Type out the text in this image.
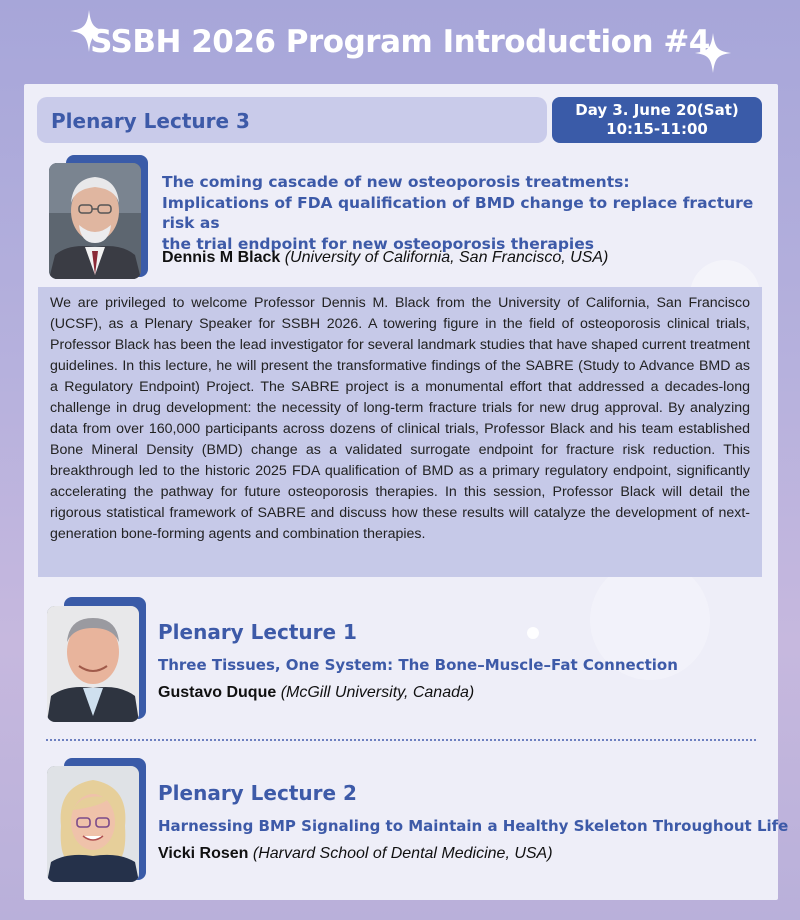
SSBH 2026 Program Introduction #4
Plenary Lecture 3	Day 3. June 20(Sat)
10:15-11:00
The coming cascade of new osteoporosis treatments:
Implications of FDA qualification of BMD change to replace fracture risk as
the trial endpoint for new osteoporosis therapies
Dennis M Black (University of California, San Francisco, USA)
We are privileged to welcome Professor Dennis M. Black from the University of California, San Francisco (UCSF), as a Plenary Speaker for SSBH 2026. A towering figure in the field of osteoporosis clinical trials, Professor Black has been the lead investigator for several landmark studies that have shaped current treatment guidelines. In this lecture, he will present the transformative findings of the SABRE (Study to Advance BMD as a Regulatory Endpoint) Project. The SABRE project is a monumental effort that addressed a decades-long challenge in drug development: the necessity of long-term fracture trials for new drug approval. By analyzing data from over 160,000 participants across dozens of clinical trials, Professor Black and his team established Bone Mineral Density (BMD) change as a validated surrogate endpoint for fracture risk reduction. This breakthrough led to the historic 2025 FDA qualification of BMD as a primary regulatory endpoint, significantly accelerating the pathway for future osteoporosis therapies. In this session, Professor Black will detail the rigorous statistical framework of SABRE and discuss how these results will catalyze the development of next-generation bone-forming agents and combination therapies.
Plenary Lecture 1
Three Tissues, One System: The Bone–Muscle–Fat Connection
Gustavo Duque (McGill University, Canada)
Plenary Lecture 2
Harnessing BMP Signaling to Maintain a Healthy Skeleton Throughout Life
Vicki Rosen (Harvard School of Dental Medicine, USA)
